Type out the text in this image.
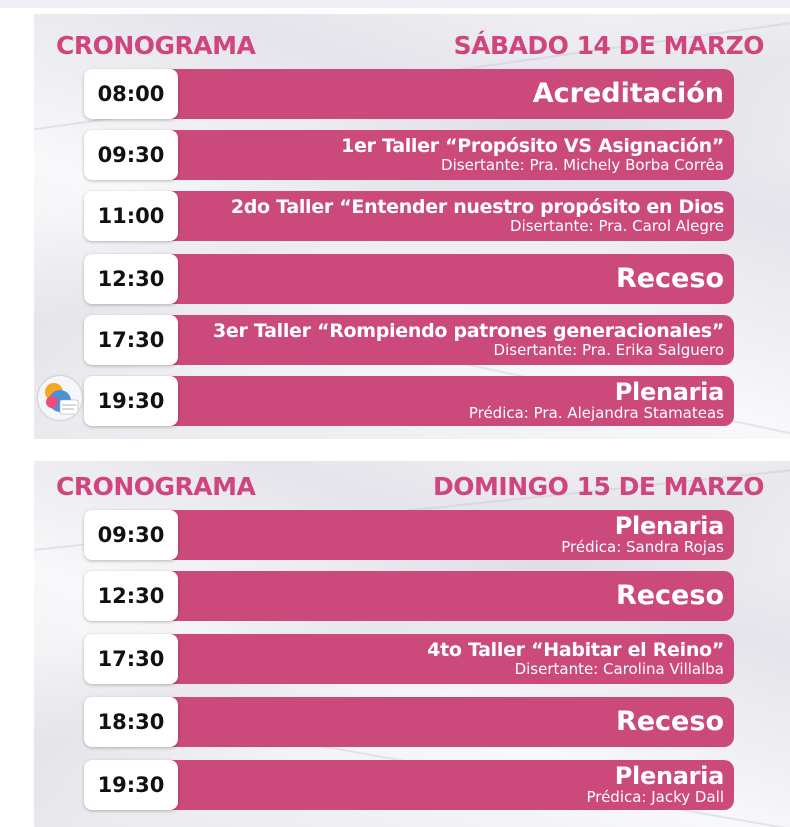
CRONOGRAMA	SÁBADO 14 DE MARZO
Acreditación
08:00
1er Taller “Propósito VS Asignación”
Disertante: Pra. Michely Borba Corrêa
09:30
2do Taller “Entender nuestro propósito en Dios
Disertante: Pra. Carol Alegre
11:00
Receso
12:30
3er Taller “Rompiendo patrones generacionales”
Disertante: Pra. Erika Salguero
17:30
Plenaria
Prédica: Pra. Alejandra Stamateas
19:30
CRONOGRAMA	DOMINGO 15 DE MARZO
Plenaria
Prédica: Sandra Rojas
09:30
Receso
12:30
4to Taller “Habitar el Reino”
Disertante: Carolina Villalba
17:30
Receso
18:30
Plenaria
Prédica: Jacky Dall
19:30
